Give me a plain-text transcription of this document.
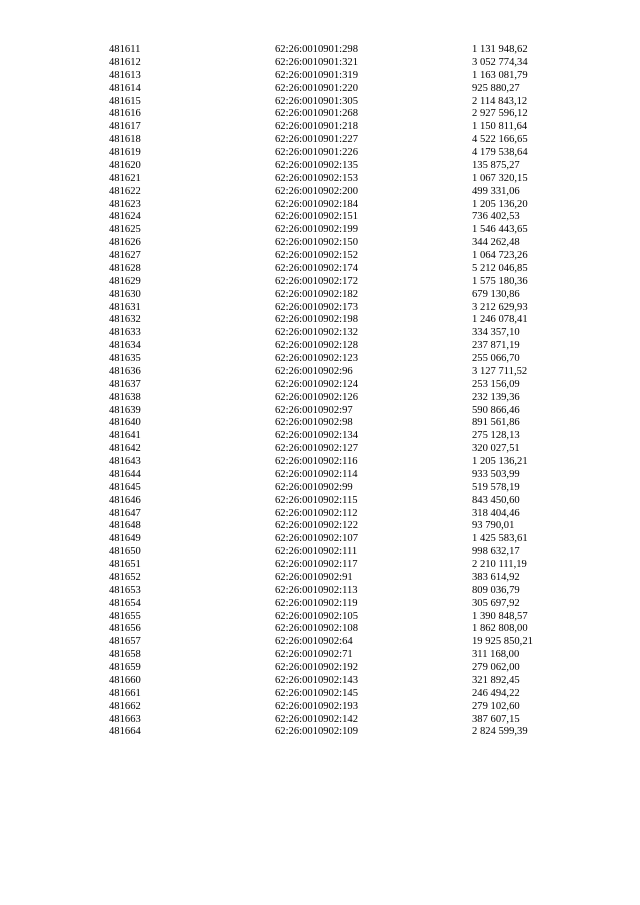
481611	62:26:0010901:298	1 131 948,62
481612	62:26:0010901:321	3 052 774,34
481613	62:26:0010901:319	1 163 081,79
481614	62:26:0010901:220	925 880,27
481615	62:26:0010901:305	2 114 843,12
481616	62:26:0010901:268	2 927 596,12
481617	62:26:0010901:218	1 150 811,64
481618	62:26:0010901:227	4 522 166,65
481619	62:26:0010901:226	4 179 538,64
481620	62:26:0010902:135	135 875,27
481621	62:26:0010902:153	1 067 320,15
481622	62:26:0010902:200	499 331,06
481623	62:26:0010902:184	1 205 136,20
481624	62:26:0010902:151	736 402,53
481625	62:26:0010902:199	1 546 443,65
481626	62:26:0010902:150	344 262,48
481627	62:26:0010902:152	1 064 723,26
481628	62:26:0010902:174	5 212 046,85
481629	62:26:0010902:172	1 575 180,36
481630	62:26:0010902:182	679 130,86
481631	62:26:0010902:173	3 212 629,93
481632	62:26:0010902:198	1 246 078,41
481633	62:26:0010902:132	334 357,10
481634	62:26:0010902:128	237 871,19
481635	62:26:0010902:123	255 066,70
481636	62:26:0010902:96	3 127 711,52
481637	62:26:0010902:124	253 156,09
481638	62:26:0010902:126	232 139,36
481639	62:26:0010902:97	590 866,46
481640	62:26:0010902:98	891 561,86
481641	62:26:0010902:134	275 128,13
481642	62:26:0010902:127	320 027,51
481643	62:26:0010902:116	1 205 136,21
481644	62:26:0010902:114	933 503,99
481645	62:26:0010902:99	519 578,19
481646	62:26:0010902:115	843 450,60
481647	62:26:0010902:112	318 404,46
481648	62:26:0010902:122	93 790,01
481649	62:26:0010902:107	1 425 583,61
481650	62:26:0010902:111	998 632,17
481651	62:26:0010902:117	2 210 111,19
481652	62:26:0010902:91	383 614,92
481653	62:26:0010902:113	809 036,79
481654	62:26:0010902:119	305 697,92
481655	62:26:0010902:105	1 390 848,57
481656	62:26:0010902:108	1 862 808,00
481657	62:26:0010902:64	19 925 850,21
481658	62:26:0010902:71	311 168,00
481659	62:26:0010902:192	279 062,00
481660	62:26:0010902:143	321 892,45
481661	62:26:0010902:145	246 494,22
481662	62:26:0010902:193	279 102,60
481663	62:26:0010902:142	387 607,15
481664	62:26:0010902:109	2 824 599,39
